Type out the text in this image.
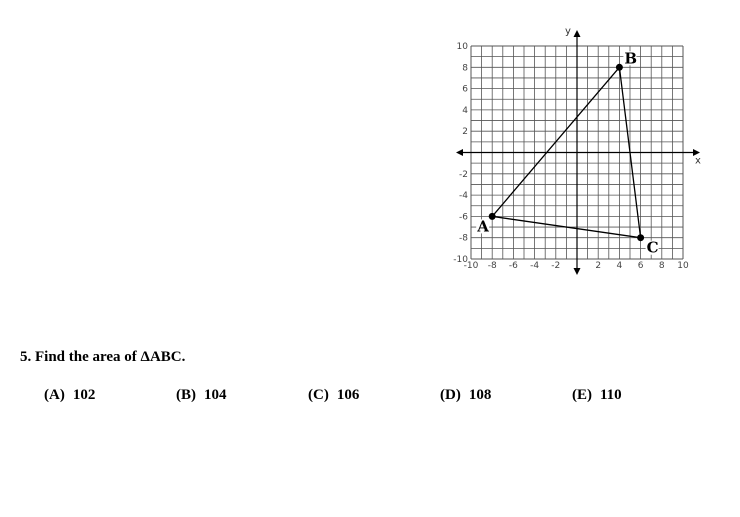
x
y
-10 -8 -6 -4 -2	2 4 6 8 10
10
8
6
4
2
-2
-4
-6
-8
-10
A
B
C
5. Find the area of ΔABC.
(A) 102	(B) 104	(C) 106	(D) 108	(E) 110
